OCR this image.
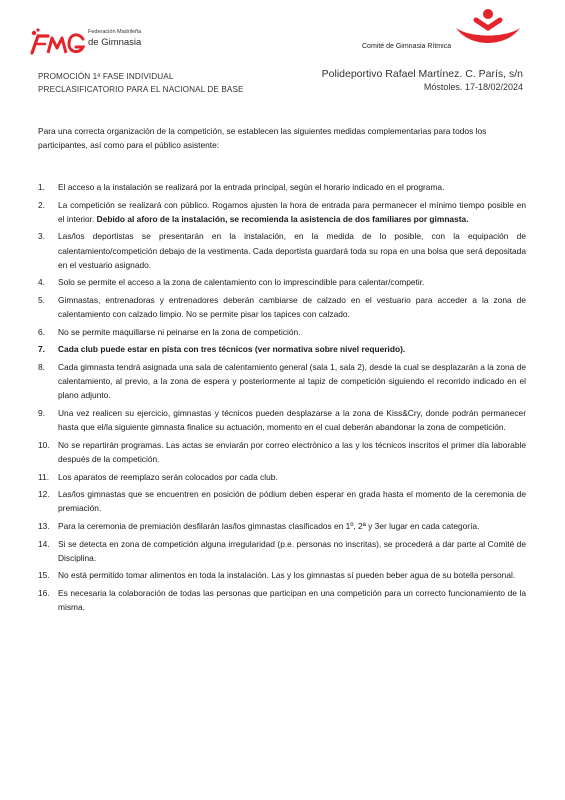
Federación Madrileña
de Gimnasia	Comité de Gimnasia Rítmica
PROMOCIÓN 1ª FASE INDIVIDUAL
PRECLASIFICATORIO PARA EL NACIONAL DE BASE
Polideportivo Rafael Martínez. C. París, s/n
Móstoles. 17-18/02/2024
Para una correcta organización de la competición, se establecen las siguientes medidas complementarias para todos los participantes, así como para el público asistente:
1. El acceso a la instalación se realizará por la entrada principal, según el horario indicado en el programa.
2. La competición se realizará con público. Rogamos ajusten la hora de entrada para permanecer el mínimo tiempo posible en el interior. Debido al aforo de la instalación, se recomienda la asistencia de dos familiares por gimnasta.
3. Las/los deportistas se presentarán en la instalación, en la medida de lo posible, con la equipación de calentamiento/competición debajo de la vestimenta. Cada deportista guardará toda su ropa en una bolsa que será depositada en el vestuario asignado.
4. Solo se permite el acceso a la zona de calentamiento con lo imprescindible para calentar/competir.
5. Gimnastas, entrenadoras y entrenadores deberán cambiarse de calzado en el vestuario para acceder a la zona de calentamiento con calzado limpio. No se permite pisar los tapices con calzado.
6. No se permite maquillarse ni peinarse en la zona de competición.
7. Cada club puede estar en pista con tres técnicos (ver normativa sobre nivel requerido).
8. Cada gimnasta tendrá asignada una sala de calentamiento general (sala 1, sala 2), desde la cual se desplazarán a la zona de calentamiento, al previo, a la zona de espera y posteriormente al tapiz de competición siguiendo el recorrido indicado en el plano adjunto.
9. Una vez realicen su ejercicio, gimnastas y técnicos pueden desplazarse a la zona de Kiss&Cry, donde podrán permanecer hasta que el/la siguiente gimnasta finalice su actuación, momento en el cual deberán abandonar la zona de competición.
10. No se repartirán programas. Las actas se enviarán por correo electrónico a las y los técnicos inscritos el primer día laborable después de la competición.
11. Los aparatos de reemplazo serán colocados por cada club.
12. Las/los gimnastas que se encuentren en posición de pódium deben esperar en grada hasta el momento de la ceremonia de premiación.
13. Para la ceremonia de premiación desfilarán las/los gimnastas clasificados en 1º, 2ª y 3er lugar en cada categoría.
14. Si se detecta en zona de competición alguna irregularidad (p.e. personas no inscritas), se procederá a dar parte al Comité de Disciplina.
15. No está permitido tomar alimentos en toda la instalación. Las y los gimnastas sí pueden beber agua de su botella personal.
16. Es necesaria la colaboración de todas las personas que participan en una competición para un correcto funcionamiento de la misma.
